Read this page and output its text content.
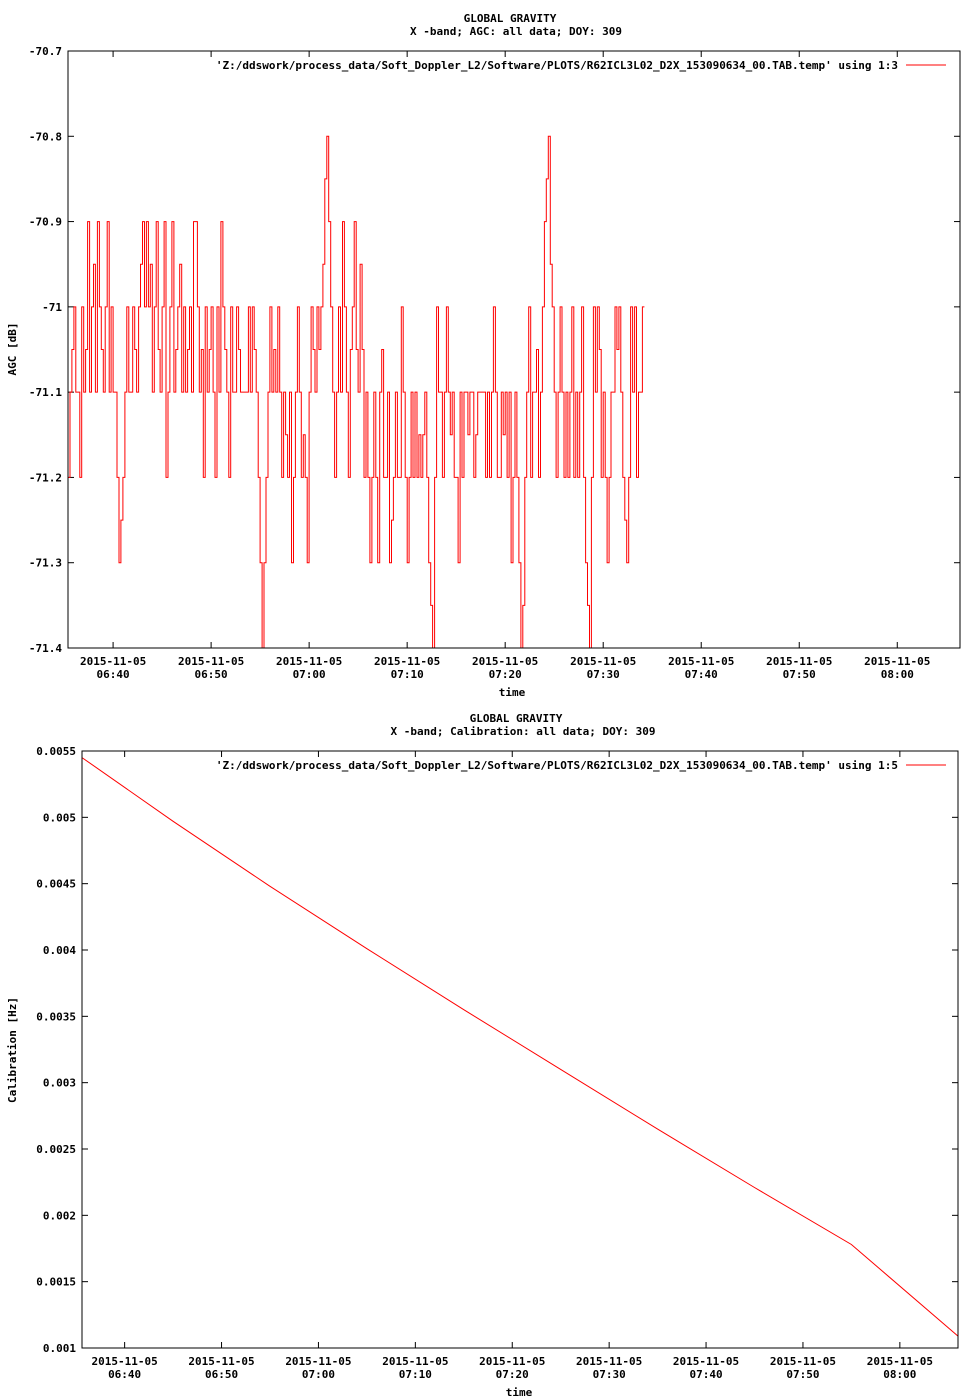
GLOBAL GRAVITY
X -band; AGC: all data; DOY: 309
AGC [dB]
time
-70.7
-70.8
-70.9
-71
-71.1
-71.2
-71.3
-71.4
2015-11-05
06:40
2015-11-05
06:50
2015-11-05
07:00
2015-11-05
07:10
2015-11-05
07:20
2015-11-05
07:30
2015-11-05
07:40
2015-11-05
07:50
2015-11-05
08:00
'Z:/ddswork/process_data/Soft_Doppler_L2/Software/PLOTS/R62ICL3L02_D2X_153090634_00.TAB.temp' using 1:3
GLOBAL GRAVITY
X -band; Calibration: all data; DOY: 309
Calibration [Hz]
time
0.0055
0.005
0.0045
0.004
0.0035
0.003
0.0025
0.002
0.0015
0.001
2015-11-05
06:40
2015-11-05
06:50
2015-11-05
07:00
2015-11-05
07:10
2015-11-05
07:20
2015-11-05
07:30
2015-11-05
07:40
2015-11-05
07:50
2015-11-05
08:00
'Z:/ddswork/process_data/Soft_Doppler_L2/Software/PLOTS/R62ICL3L02_D2X_153090634_00.TAB.temp' using 1:5
